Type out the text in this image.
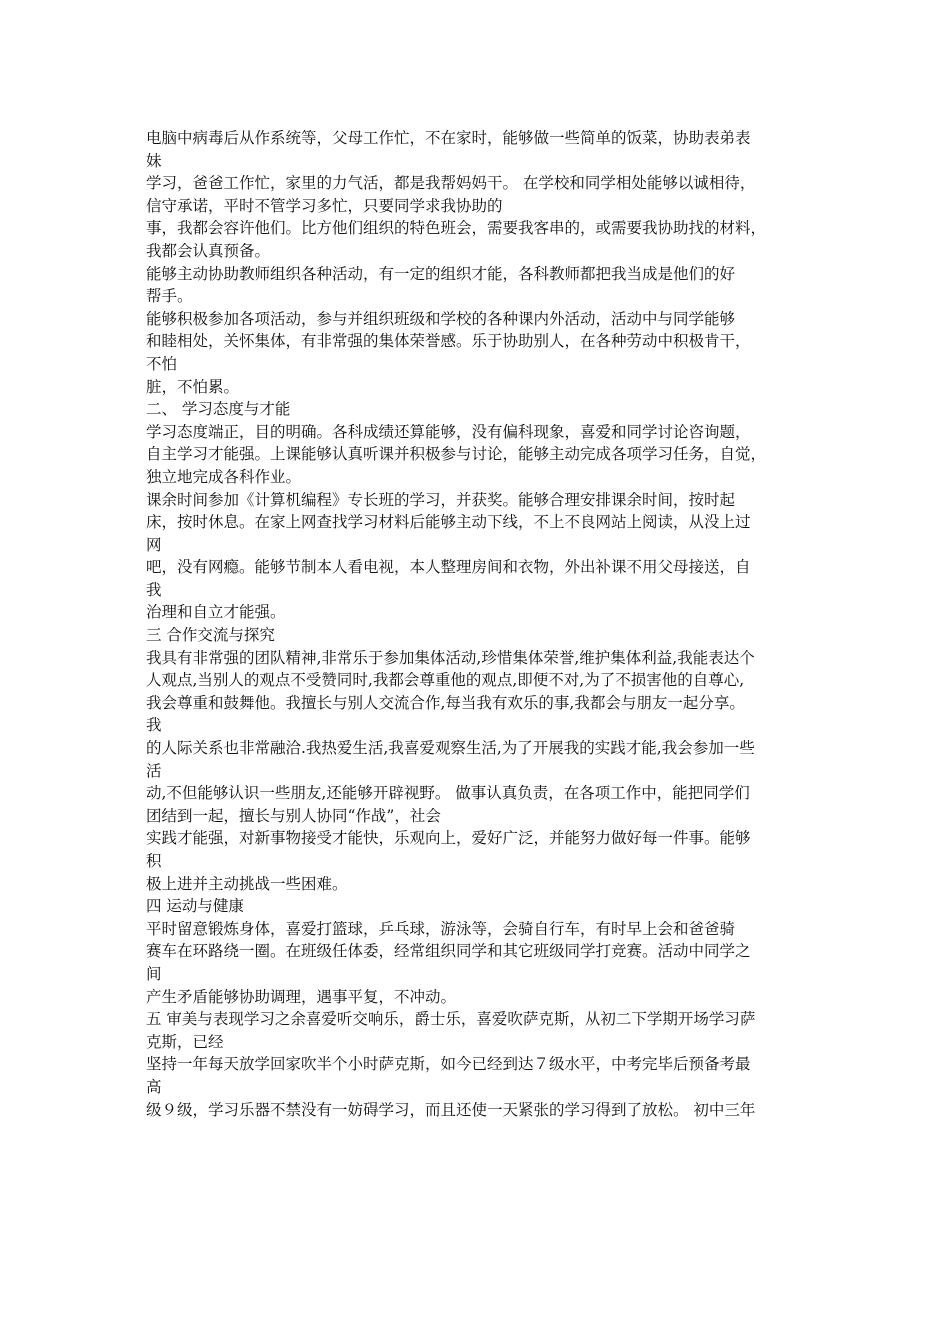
电脑中病毒后从作系统等，父母工作忙，不在家时，能够做一些简单的饭菜，协助表弟表
妹
学习，爸爸工作忙，家里的力气活，都是我帮妈妈干。 在学校和同学相处能够以诚相待，
信守承诺，平时不管学习多忙，只要同学求我协助的
事，我都会容许他们。比方他们组织的特色班会，需要我客串的，或需要我协助找的材料，
我都会认真预备。
能够主动协助教师组织各种活动，有一定的组织才能，各科教师都把我当成是他们的好
帮手。
能够积极参加各项活动，参与并组织班级和学校的各种课内外活动，活动中与同学能够
和睦相处，关怀集体，有非常强的集体荣誉感。乐于协助别人，在各种劳动中积极肯干，
不怕
脏，不怕累。
二、 学习态度与才能
学习态度端正，目的明确。各科成绩还算能够，没有偏科现象，喜爱和同学讨论咨询题，
自主学习才能强。上课能够认真听课并积极参与讨论，能够主动完成各项学习任务，自觉，
独立地完成各科作业。
课余时间参加《计算机编程》专长班的学习，并获奖。能够合理安排课余时间，按时起
床，按时休息。在家上网查找学习材料后能够主动下线，不上不良网站上阅读，从没上过
网
吧，没有网瘾。能够节制本人看电视，本人整理房间和衣物，外出补课不用父母接送，自
我
治理和自立才能强。
三 合作交流与探究
我具有非常强的团队精神,非常乐于参加集体活动,珍惜集体荣誉,维护集体利益,我能表达个
人观点,当别人的观点不受赞同时,我都会尊重他的观点,即便不对,为了不损害他的自尊心,
我会尊重和鼓舞他。我擅长与别人交流合作,每当我有欢乐的事,我都会与朋友一起分享。
我
的人际关系也非常融洽.我热爱生活,我喜爱观察生活,为了开展我的实践才能,我会参加一些
活
动,不但能够认识一些朋友,还能够开辟视野。 做事认真负责，在各项工作中，能把同学们
团结到一起，擅长与别人协同“作战”，社会
实践才能强，对新事物接受才能快，乐观向上，爱好广泛，并能努力做好每一件事。能够
积
极上进并主动挑战一些困难。
四 运动与健康
平时留意锻炼身体，喜爱打篮球，乒乓球，游泳等，会骑自行车，有时早上会和爸爸骑
赛车在环路绕一圈。在班级任体委，经常组织同学和其它班级同学打竞赛。活动中同学之
间
产生矛盾能够协助调理，遇事平复，不冲动。
五 审美与表现学习之余喜爱听交响乐，爵士乐，喜爱吹萨克斯，从初二下学期开场学习萨
克斯，已经
坚持一年每天放学回家吹半个小时萨克斯，如今已经到达７级水平，中考完毕后预备考最
高
级９级，学习乐器不禁没有一妨碍学习，而且还使一天紧张的学习得到了放松。 初中三年
